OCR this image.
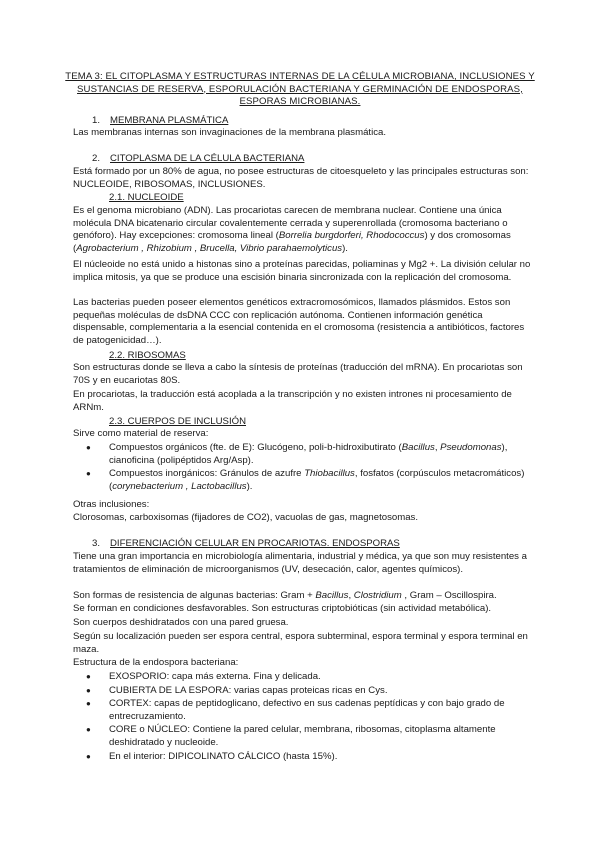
TEMA 3: EL CITOPLASMA Y ESTRUCTURAS INTERNAS DE LA CÉLULA MICROBIANA, INCLUSIONES Y SUSTANCIAS DE RESERVA, ESPORULACIÓN BACTERIANA Y GERMINACIÓN DE ENDOSPORAS, ESPORAS MICROBIANAS.
1. MEMBRANA PLASMÁTICA

Las membranas internas son invaginaciones de la membrana plasmática.

2. CITOPLASMA DE LA CÉLULA BACTERIANA

Está formado por un 80% de agua, no posee estructuras de citoesqueleto y las principales estructuras son: NUCLEOIDE, RIBOSOMAS, INCLUSIONES.

2.1. NUCLEOIDE

Es el genoma microbiano (ADN). Las procariotas carecen de membrana nuclear. Contiene una única molécula DNA bicatenario circular covalentemente cerrada y superenrollada (cromosoma bacteriano o genóforo). Hay excepciones: cromosoma lineal (Borrelia burgdorferi, Rhodococcus) y dos cromosomas (Agrobacterium , Rhizobium , Brucella, Vibrio parahaemolyticus).

El núcleoide no está unido a histonas sino a proteínas parecidas, poliaminas y Mg2 +. La división celular no implica mitosis, ya que se produce una escisión binaria sincronizada con la replicación del cromosoma.

Las bacterias pueden poseer elementos genéticos extracromosómicos, llamados plásmidos. Estos son pequeñas moléculas de dsDNA CCC con replicación autónoma. Contienen información genética dispensable, complementaria a la esencial contenida en el cromosoma (resistencia a antibióticos, factores de patogenicidad…).

2.2. RIBOSOMAS

Son estructuras donde se lleva a cabo la síntesis de proteínas (traducción del mRNA). En procariotas son 70S y en eucariotas 80S.

En procariotas, la traducción está acoplada a la transcripción y no existen intrones ni procesamiento de ARNm.

2.3. CUERPOS DE INCLUSIÓN

Sirve como material de reserva:

● Compuestos orgánicos (fte. de E): Glucógeno, poli-b-hidroxibutirato (Bacillus, Pseudomonas), cianoficina (polipéptidos Arg/Asp).
● Compuestos inorgánicos: Gránulos de azufre Thiobacillus, fosfatos (corpúsculos metacromáticos) (corynebacterium , Lactobacillus).

Otras inclusiones:

Clorosomas, carboxisomas (fijadores de CO2), vacuolas de gas, magnetosomas.

3. DIFERENCIACIÓN CELULAR EN PROCARIOTAS. ENDOSPORAS

Tiene una gran importancia en microbiología alimentaria, industrial y médica, ya que son muy resistentes a tratamientos de eliminación de microorganismos (UV, desecación, calor, agentes químicos).

Son formas de resistencia de algunas bacterias: Gram + Bacillus, Clostridium , Gram – Oscillospira.

Se forman en condiciones desfavorables. Son estructuras criptobióticas (sin actividad metabólica).

Son cuerpos deshidratados con una pared gruesa.

Según su localización pueden ser espora central, espora subterminal, espora terminal y espora terminal en maza.

Estructura de la endospora bacteriana:

● EXOSPORIO: capa más externa. Fina y delicada.
● CUBIERTA DE LA ESPORA: varias capas proteicas ricas en Cys.
● CORTEX: capas de peptidoglicano, defectivo en sus cadenas peptídicas y con bajo grado de entrecruzamiento.
● CORE o NÚCLEO: Contiene la pared celular, membrana, ribosomas, citoplasma altamente deshidratado y nucleoide.
● En el interior: DIPICOLINATO CÁLCICO (hasta 15%).
